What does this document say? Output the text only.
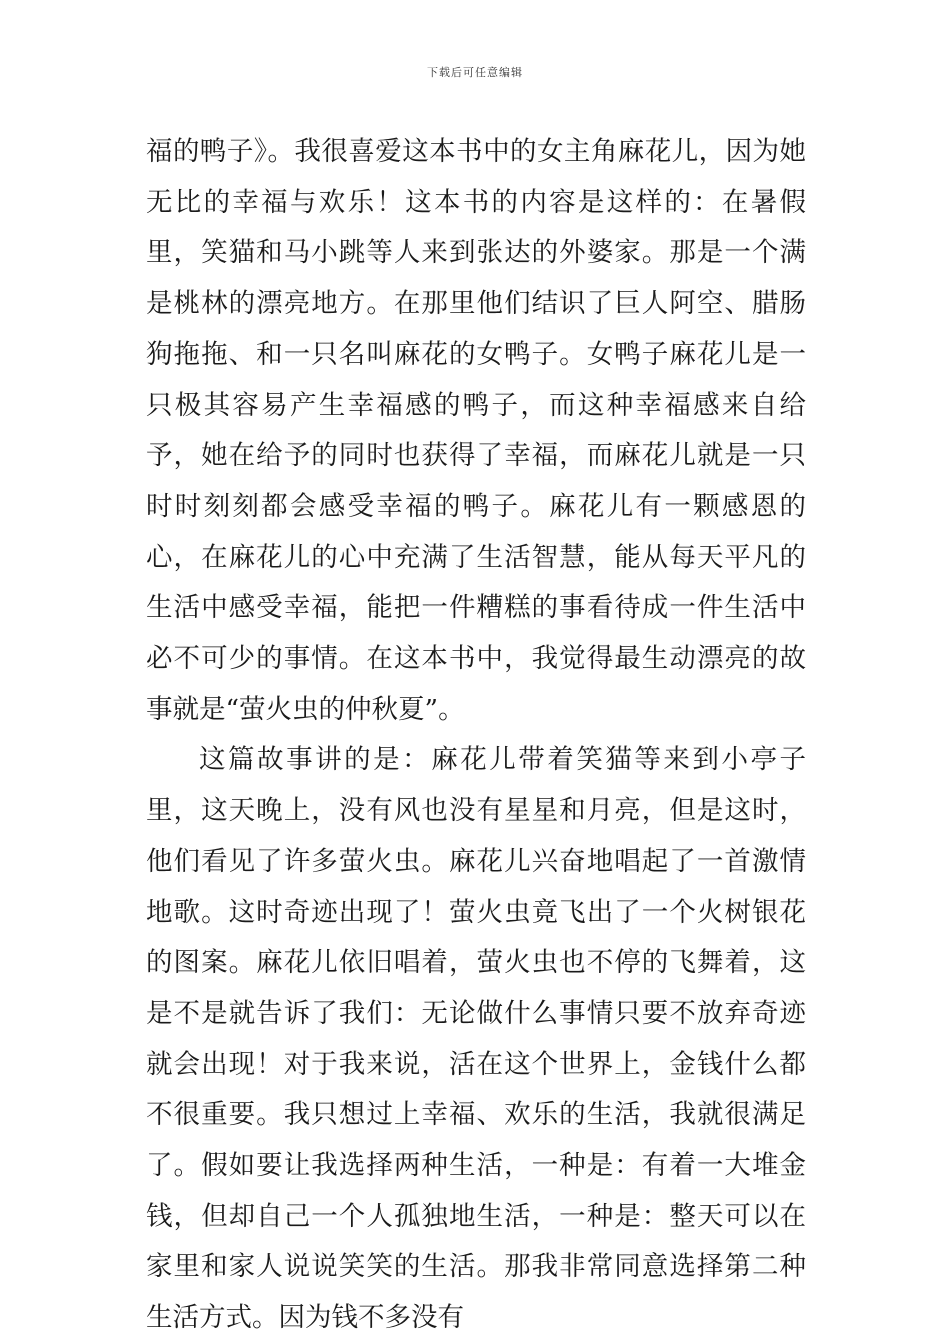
下载后可任意编辑

福的鸭子》。我很喜爱这本书中的女主角麻花儿，因为她无比的幸福与欢乐！这本书的内容是这样的：在暑假里，笑猫和马小跳等人来到张达的外婆家。那是一个满是桃林的漂亮地方。在那里他们结识了巨人阿空、腊肠狗拖拖、和一只名叫麻花的女鸭子。女鸭子麻花儿是一只极其容易产生幸福感的鸭子，而这种幸福感来自给予，她在给予的同时也获得了幸福，而麻花儿就是一只时时刻刻都会感受幸福的鸭子。麻花儿有一颗感恩的心，在麻花儿的心中充满了生活智慧，能从每天平凡的生活中感受幸福，能把一件糟糕的事看待成一件生活中必不可少的事情。在这本书中，我觉得最生动漂亮的故事就是“萤火虫的仲秋夏”。

这篇故事讲的是：麻花儿带着笑猫等来到小亭子里，这天晚上，没有风也没有星星和月亮，但是这时，他们看见了许多萤火虫。麻花儿兴奋地唱起了一首激情地歌。这时奇迹出现了！萤火虫竟飞出了一个火树银花的图案。麻花儿依旧唱着，萤火虫也不停的飞舞着，这是不是就告诉了我们：无论做什么事情只要不放弃奇迹就会出现！对于我来说，活在这个世界上，金钱什么都不很重要。我只想过上幸福、欢乐的生活，我就很满足了。假如要让我选择两种生活，一种是：有着一大堆金钱，但却自己一个人孤独地生活，一种是：整天可以在家里和家人说说笑笑的生活。那我非常同意选择第二种生活方式。因为钱不多没有
